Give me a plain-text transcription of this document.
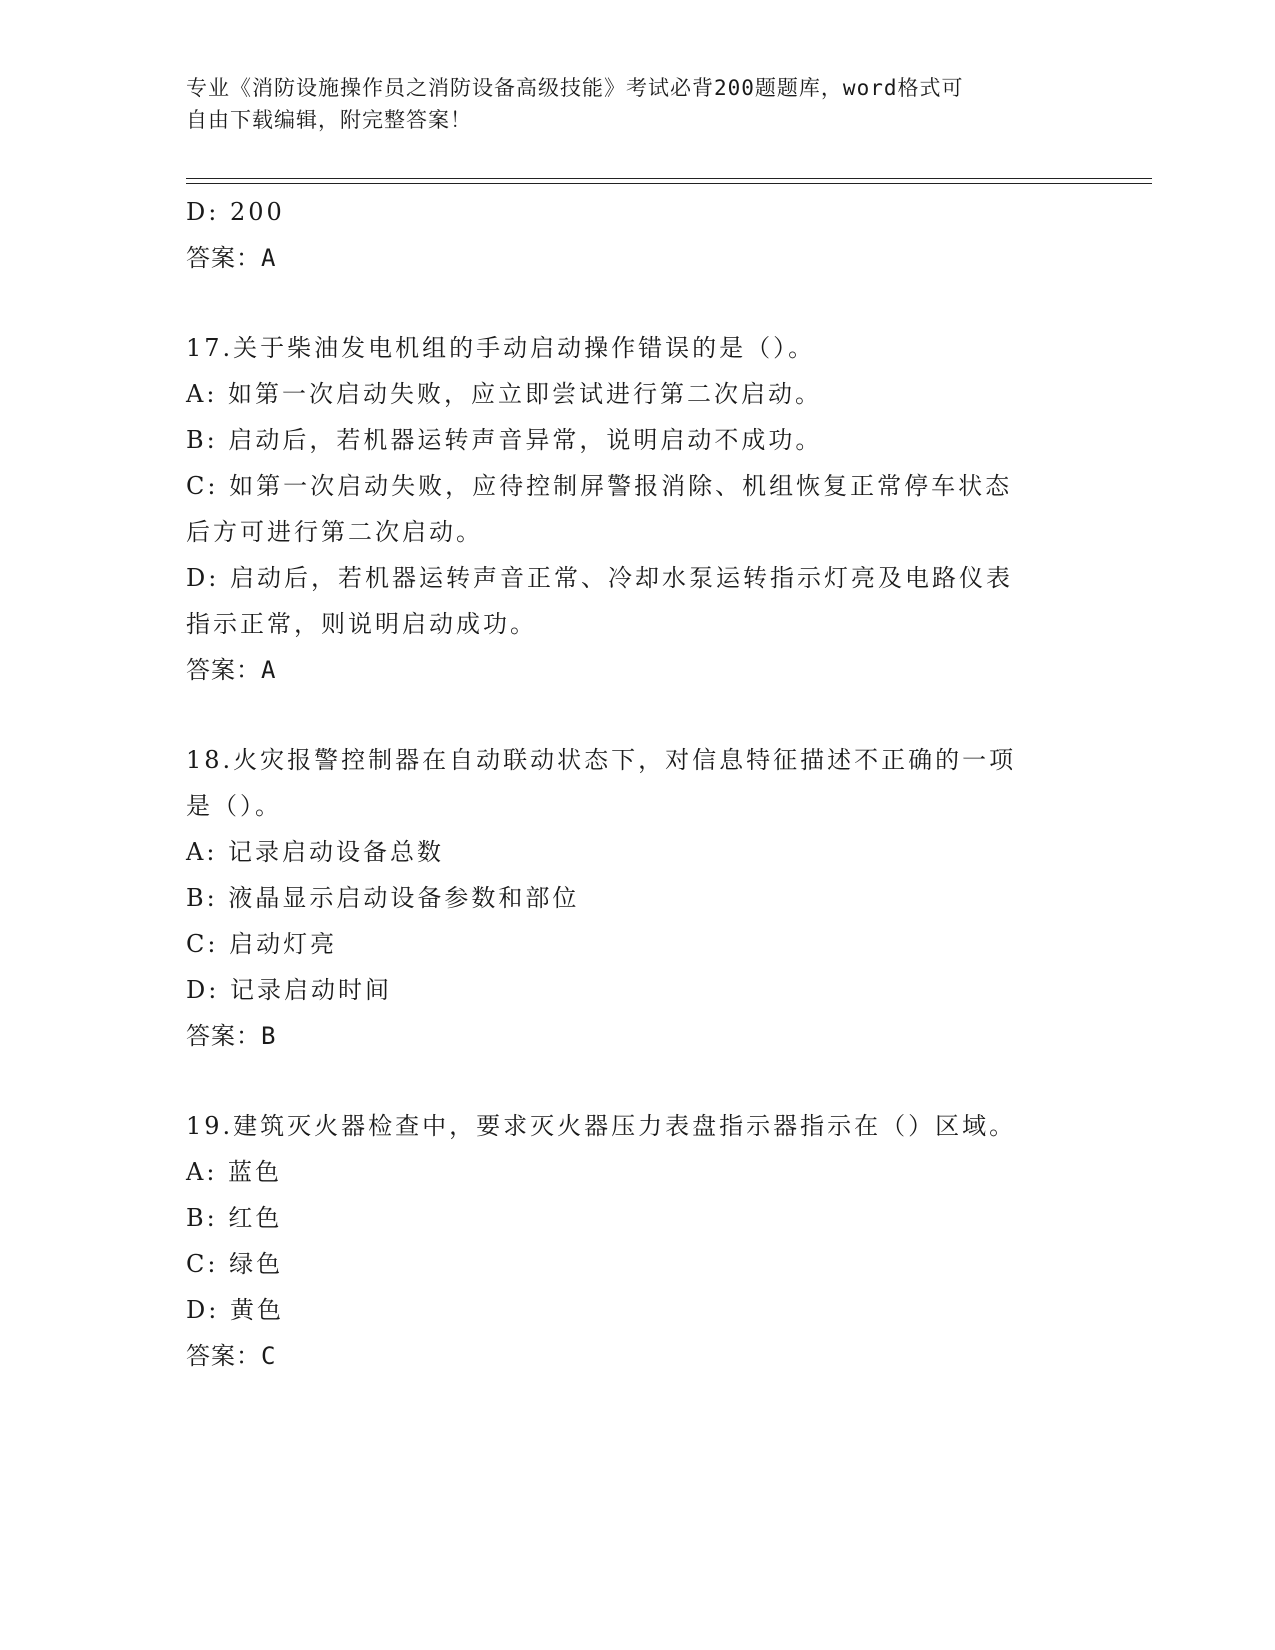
专业《消防设施操作员之消防设备高级技能》考试必背200题题库，word格式可
自由下载编辑，附完整答案！
D: 200
答案：A
17.关于柴油发电机组的手动启动操作错误的是（）。
A: 如第一次启动失败，应立即尝试进行第二次启动。
B: 启动后，若机器运转声音异常，说明启动不成功。
C: 如第一次启动失败，应待控制屏警报消除、机组恢复正常停车状态
后方可进行第二次启动。
D: 启动后，若机器运转声音正常、冷却水泵运转指示灯亮及电路仪表
指示正常，则说明启动成功。
答案：A
18.火灾报警控制器在自动联动状态下，对信息特征描述不正确的一项
是（）。
A: 记录启动设备总数
B: 液晶显示启动设备参数和部位
C: 启动灯亮
D: 记录启动时间
答案：B
19.建筑灭火器检查中，要求灭火器压力表盘指示器指示在（）区域。
A: 蓝色
B: 红色
C: 绿色
D: 黄色
答案：C
